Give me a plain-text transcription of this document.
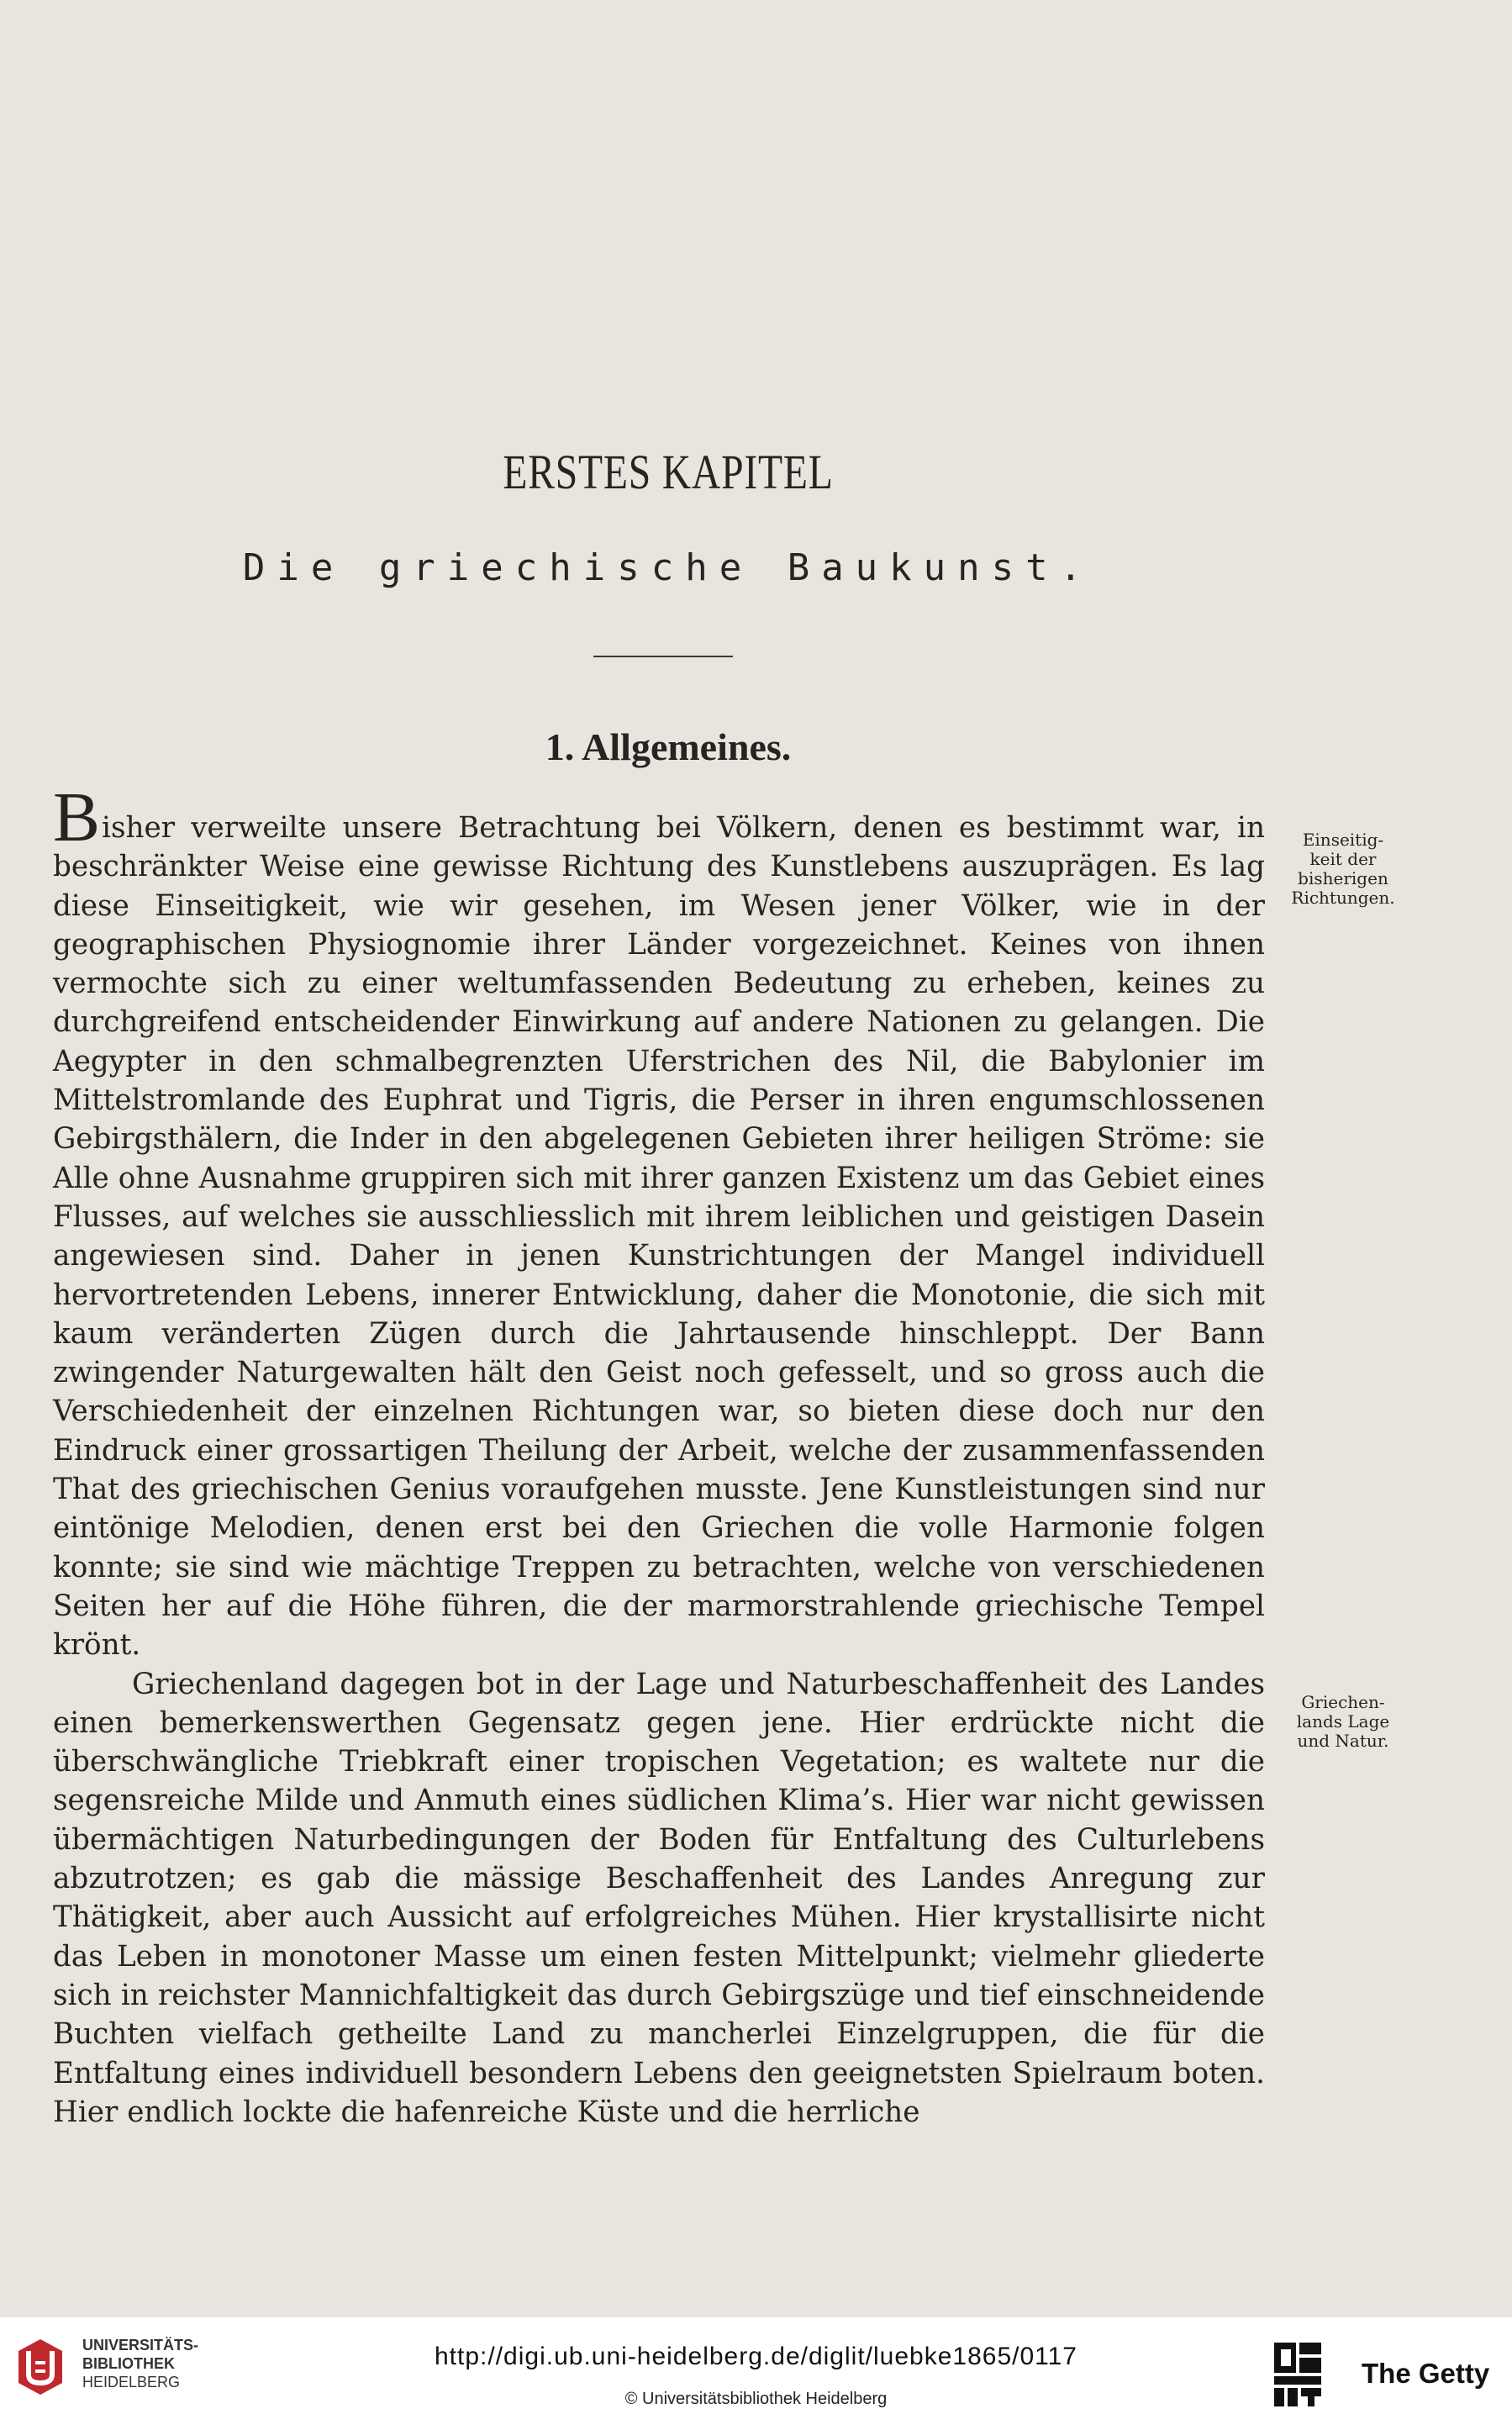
ERSTES KAPITEL
Die griechische Baukunst.
1. Allgemeines.

Bisher verweilte unsere Betrachtung bei Völkern, denen es bestimmt war, in beschränkter Weise eine gewisse Richtung des Kunstlebens auszuprägen. Es lag diese Einseitigkeit, wie wir gesehen, im Wesen jener Völker, wie in der geographischen Physiognomie ihrer Länder vorgezeichnet. Keines von ihnen vermochte sich zu einer weltumfassenden Bedeutung zu erheben, keines zu durchgreifend entscheidender Einwirkung auf andere Nationen zu gelangen. Die Aegypter in den schmalbegrenzten Uferstrichen des Nil, die Babylonier im Mittelstromlande des Euphrat und Tigris, die Perser in ihren engumschlossenen Gebirgsthälern, die Inder in den abgelegenen Gebieten ihrer heiligen Ströme: sie Alle ohne Ausnahme gruppiren sich mit ihrer ganzen Existenz um das Gebiet eines Flusses, auf welches sie ausschliesslich mit ihrem leiblichen und geistigen Dasein angewiesen sind. Daher in jenen Kunstrichtungen der Mangel individuell hervortretenden Lebens, innerer Entwicklung, daher die Monotonie, die sich mit kaum veränderten Zügen durch die Jahrtausende hinschleppt. Der Bann zwingender Naturgewalten hält den Geist noch gefesselt, und so gross auch die Verschiedenheit der einzelnen Richtungen war, so bieten diese doch nur den Eindruck einer grossartigen Theilung der Arbeit, welche der zusammenfassenden That des griechischen Genius voraufgehen musste. Jene Kunstleistungen sind nur eintönige Melodien, denen erst bei den Griechen die volle Harmonie folgen konnte; sie sind wie mächtige Treppen zu betrachten, welche von verschiedenen Seiten her auf die Höhe führen, die der marmorstrahlende griechische Tempel krönt.

Griechenland dagegen bot in der Lage und Naturbeschaffenheit des Landes einen bemerkenswerthen Gegensatz gegen jene. Hier erdrückte nicht die überschwängliche Triebkraft einer tropischen Vegetation; es waltete nur die segensreiche Milde und Anmuth eines südlichen Klima’s. Hier war nicht gewissen übermächtigen Naturbedingungen der Boden für Entfaltung des Culturlebens abzutrotzen; es gab die mässige Beschaffenheit des Landes Anregung zur Thätigkeit, aber auch Aussicht auf erfolgreiches Mühen. Hier krystallisirte nicht das Leben in monotoner Masse um einen festen Mittelpunkt; vielmehr gliederte sich in reichster Mannichfaltigkeit das durch Gebirgszüge und tief einschneidende Buchten vielfach getheilte Land zu mancherlei Einzelgruppen, die für die Entfaltung eines individuell besondern Lebens den geeignetsten Spielraum boten. Hier endlich lockte die hafenreiche Küste und die herrliche

Einseitig-
keit der
bisherigen
Richtungen.
Griechen-
lands Lage
und Natur.
UNIVERSITÄTS-
BIBLIOTHEK
HEIDELBERG
http://digi.ub.uni-heidelberg.de/diglit/luebke1865/0117
© Universitätsbibliothek Heidelberg
The Getty
